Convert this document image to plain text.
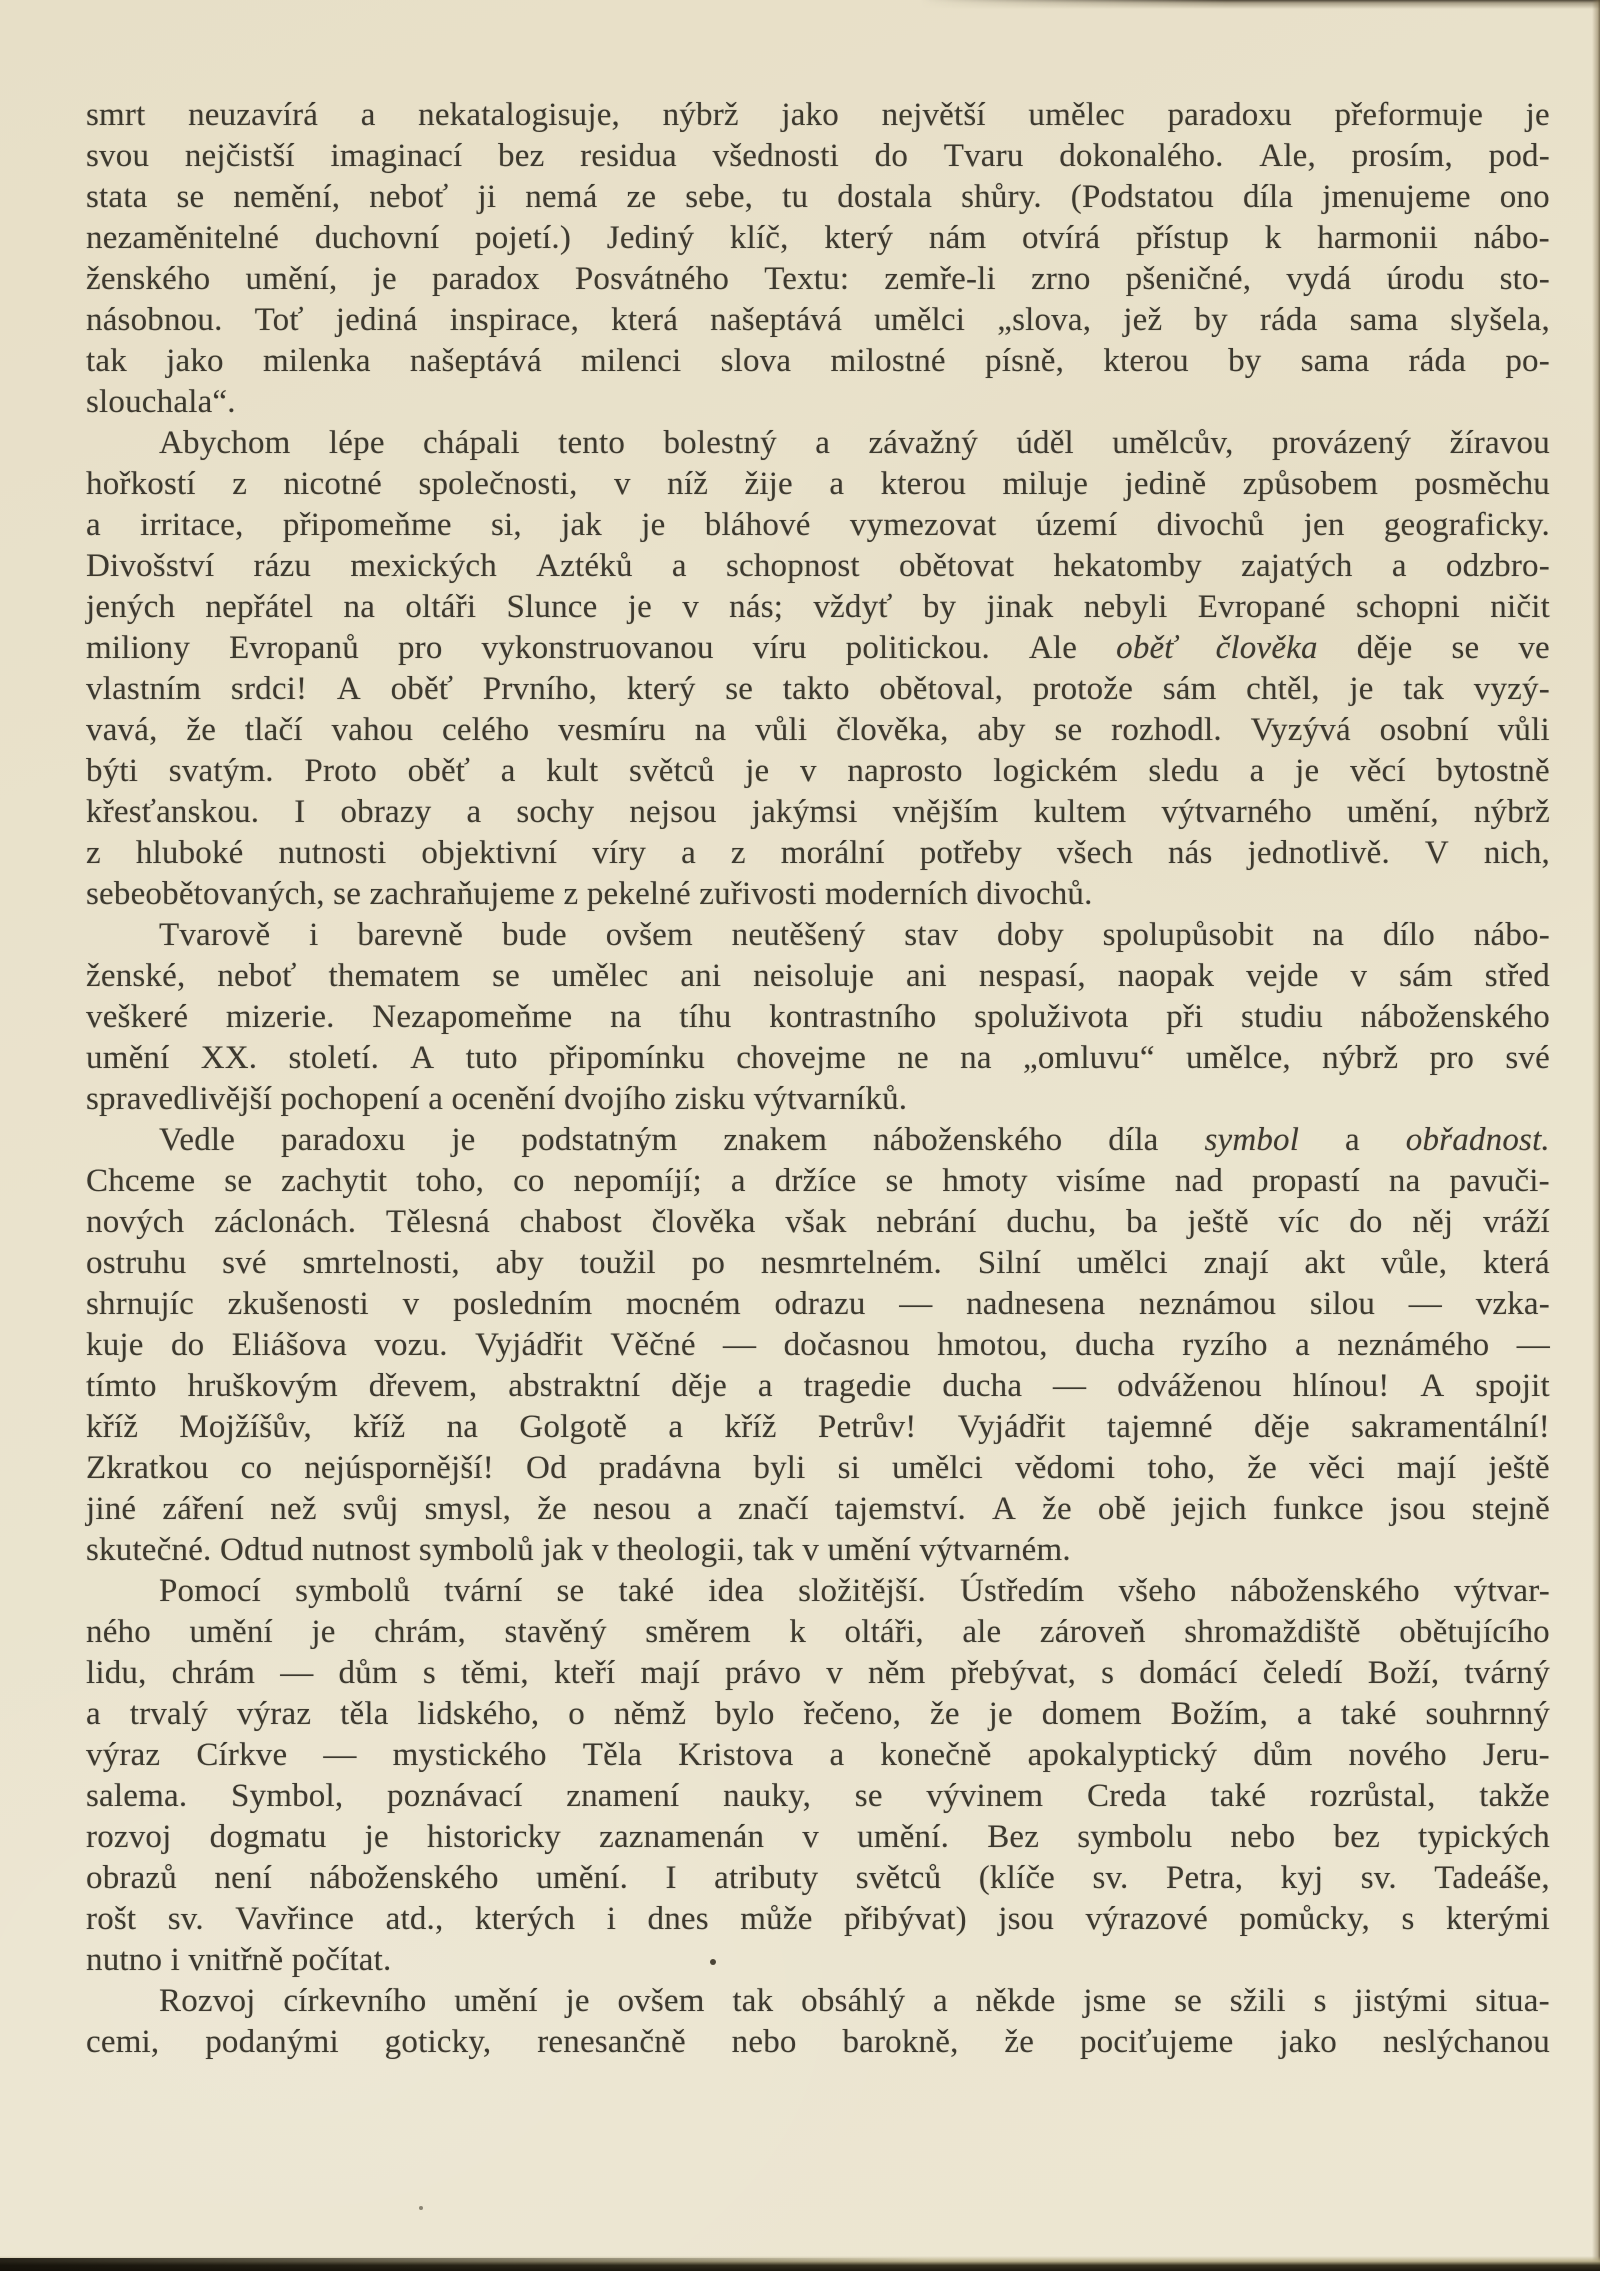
smrt neuzavírá a nekatalogisuje, nýbrž jako největší umělec paradoxu přeformuje je
svou nejčistší imaginací bez residua všednosti do Tvaru dokonalého. Ale, prosím, pod-
stata se nemění, neboť ji nemá ze sebe, tu dostala shůry. (Podstatou díla jmenujeme ono
nezaměnitelné duchovní pojetí.) Jediný klíč, který nám otvírá přístup k harmonii nábo-
ženského umění, je paradox Posvátného Textu: zemře-li zrno pšeničné, vydá úrodu sto-
násobnou. Toť jediná inspirace, která našeptává umělci „slova, jež by ráda sama slyšela,
tak jako milenka našeptává milenci slova milostné písně, kterou by sama ráda po-
slouchala“.
Abychom lépe chápali tento bolestný a závažný úděl umělcův, provázený žíravou
hořkostí z nicotné společnosti, v níž žije a kterou miluje jedině způsobem posměchu
a irritace, připomeňme si, jak je bláhové vymezovat území divochů jen geograficky.
Divošství rázu mexických Aztéků a schopnost obětovat hekatomby zajatých a odzbro-
jených nepřátel na oltáři Slunce je v nás; vždyť by jinak nebyli Evropané schopni ničit
miliony Evropanů pro vykonstruovanou víru politickou. Ale oběť člověka děje se ve
vlastním srdci! A oběť Prvního, který se takto obětoval, protože sám chtěl, je tak vyzý-
vavá, že tlačí vahou celého vesmíru na vůli člověka, aby se rozhodl. Vyzývá osobní vůli
býti svatým. Proto oběť a kult světců je v naprosto logickém sledu a je věcí bytostně
křesťanskou. I obrazy a sochy nejsou jakýmsi vnějším kultem výtvarného umění, nýbrž
z hluboké nutnosti objektivní víry a z morální potřeby všech nás jednotlivě. V nich,
sebeobětovaných, se zachraňujeme z pekelné zuřivosti moderních divochů.
Tvarově i barevně bude ovšem neutěšený stav doby spolupůsobit na dílo nábo-
ženské, neboť thematem se umělec ani neisoluje ani nespasí, naopak vejde v sám střed
veškeré mizerie. Nezapomeňme na tíhu kontrastního spoluživota při studiu náboženského
umění XX. století. A tuto připomínku chovejme ne na „omluvu“ umělce, nýbrž pro své
spravedlivější pochopení a ocenění dvojího zisku výtvarníků.
Vedle paradoxu je podstatným znakem náboženského díla symbol a obřadnost.
Chceme se zachytit toho, co nepomíjí; a držíce se hmoty visíme nad propastí na pavuči-
nových záclonách. Tělesná chabost člověka však nebrání duchu, ba ještě víc do něj vráží
ostruhu své smrtelnosti, aby toužil po nesmrtelném. Silní umělci znají akt vůle, která
shrnujíc zkušenosti v posledním mocném odrazu — nadnesena neznámou silou — vzka-
kuje do Eliášova vozu. Vyjádřit Věčné — dočasnou hmotou, ducha ryzího a neznámého —
tímto hruškovým dřevem, abstraktní děje a tragedie ducha — odváženou hlínou! A spojit
kříž Mojžíšův, kříž na Golgotě a kříž Petrův! Vyjádřit tajemné děje sakramentální!
Zkratkou co nejúspornější! Od pradávna byli si umělci vědomi toho, že věci mají ještě
jiné záření než svůj smysl, že nesou a značí tajemství. A že obě jejich funkce jsou stejně
skutečné. Odtud nutnost symbolů jak v theologii, tak v umění výtvarném.
Pomocí symbolů tvární se také idea složitější. Ústředím všeho náboženského výtvar-
ného umění je chrám, stavěný směrem k oltáři, ale zároveň shromaždiště obětujícího
lidu, chrám — dům s těmi, kteří mají právo v něm přebývat, s domácí čeledí Boží, tvárný
a trvalý výraz těla lidského, o němž bylo řečeno, že je domem Božím, a také souhrnný
výraz Církve — mystického Těla Kristova a konečně apokalyptický dům nového Jeru-
salema. Symbol, poznávací znamení nauky, se vývinem Creda také rozrůstal, takže
rozvoj dogmatu je historicky zaznamenán v umění. Bez symbolu nebo bez typických
obrazů není náboženského umění. I atributy světců (klíče sv. Petra, kyj sv. Tadeáše,
rošt sv. Vavřince atd., kterých i dnes může přibývat) jsou výrazové pomůcky, s kterými
nutno i vnitřně počítat.
Rozvoj církevního umění je ovšem tak obsáhlý a někde jsme se sžili s jistými situa-
cemi, podanými goticky, renesančně nebo barokně, že pociťujeme jako neslýchanou
